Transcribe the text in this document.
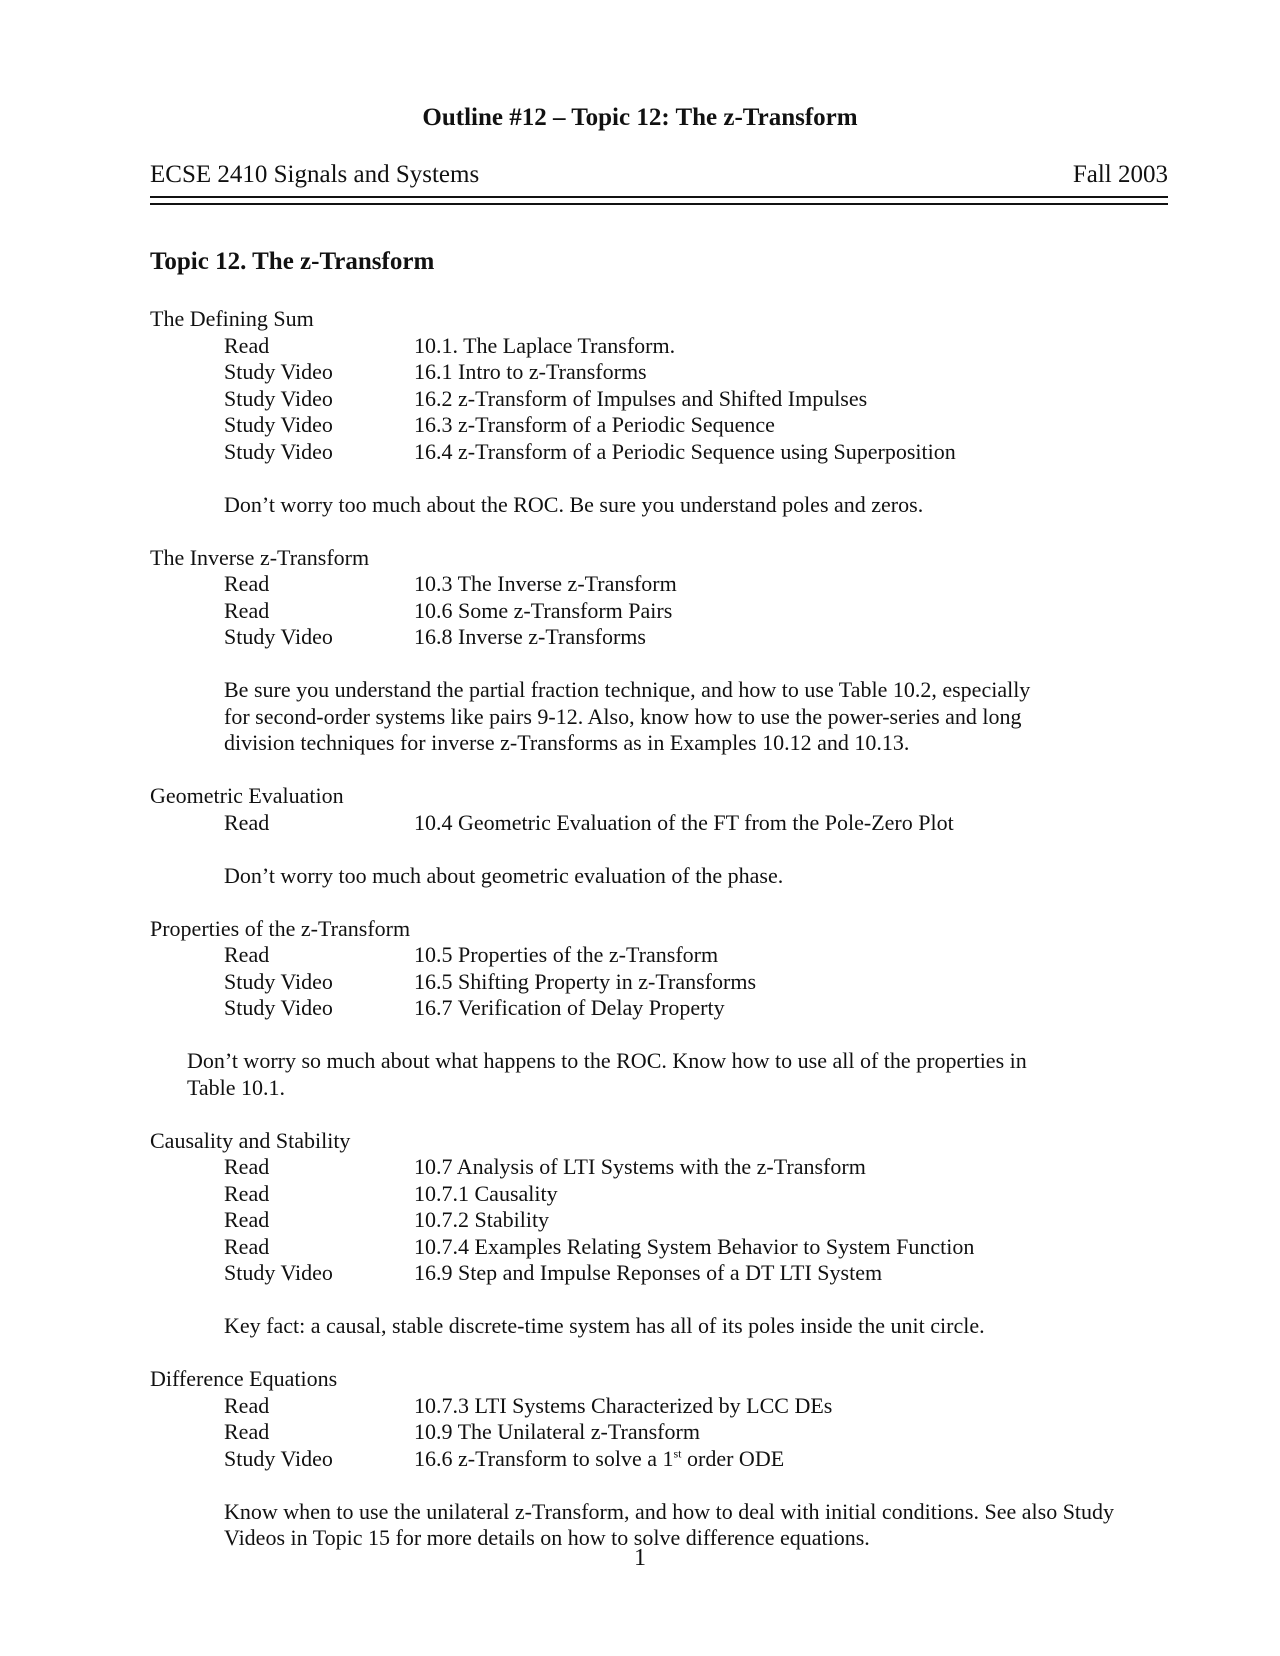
Outline #12 – Topic 12: The z-Transform
ECSE 2410 Signals and Systems	Fall 2003
Topic 12. The z-Transform
The Defining Sum
Read	10.1. The Laplace Transform.
Study Video	16.1 Intro to z-Transforms
Study Video	16.2 z-Transform of Impulses and Shifted Impulses
Study Video	16.3 z-Transform of a Periodic Sequence
Study Video	16.4 z-Transform of a Periodic Sequence using Superposition
Don’t worry too much about the ROC. Be sure you understand poles and zeros.
The Inverse z-Transform
Read	10.3 The Inverse z-Transform
Read	10.6 Some z-Transform Pairs
Study Video	16.8 Inverse z-Transforms
Be sure you understand the partial fraction technique, and how to use Table 10.2, especially
for second-order systems like pairs 9-12. Also, know how to use the power-series and long
division techniques for inverse z-Transforms as in Examples 10.12 and 10.13.
Geometric Evaluation
Read	10.4 Geometric Evaluation of the FT from the Pole-Zero Plot
Don’t worry too much about geometric evaluation of the phase.
Properties of the z-Transform
Read	10.5 Properties of the z-Transform
Study Video	16.5 Shifting Property in z-Transforms
Study Video	16.7 Verification of Delay Property
Don’t worry so much about what happens to the ROC. Know how to use all of the properties in
Table 10.1.
Causality and Stability
Read	10.7 Analysis of LTI Systems with the z-Transform
Read	10.7.1 Causality
Read	10.7.2 Stability
Read	10.7.4 Examples Relating System Behavior to System Function
Study Video	16.9 Step and Impulse Reponses of a DT LTI System
Key fact: a causal, stable discrete-time system has all of its poles inside the unit circle.
Difference Equations
Read	10.7.3 LTI Systems Characterized by LCC DEs
Read	10.9 The Unilateral z-Transform
Study Video	16.6 z-Transform to solve a 1st order ODE
Know when to use the unilateral z-Transform, and how to deal with initial conditions. See also Study
Videos in Topic 15 for more details on how to solve difference equations.
1
